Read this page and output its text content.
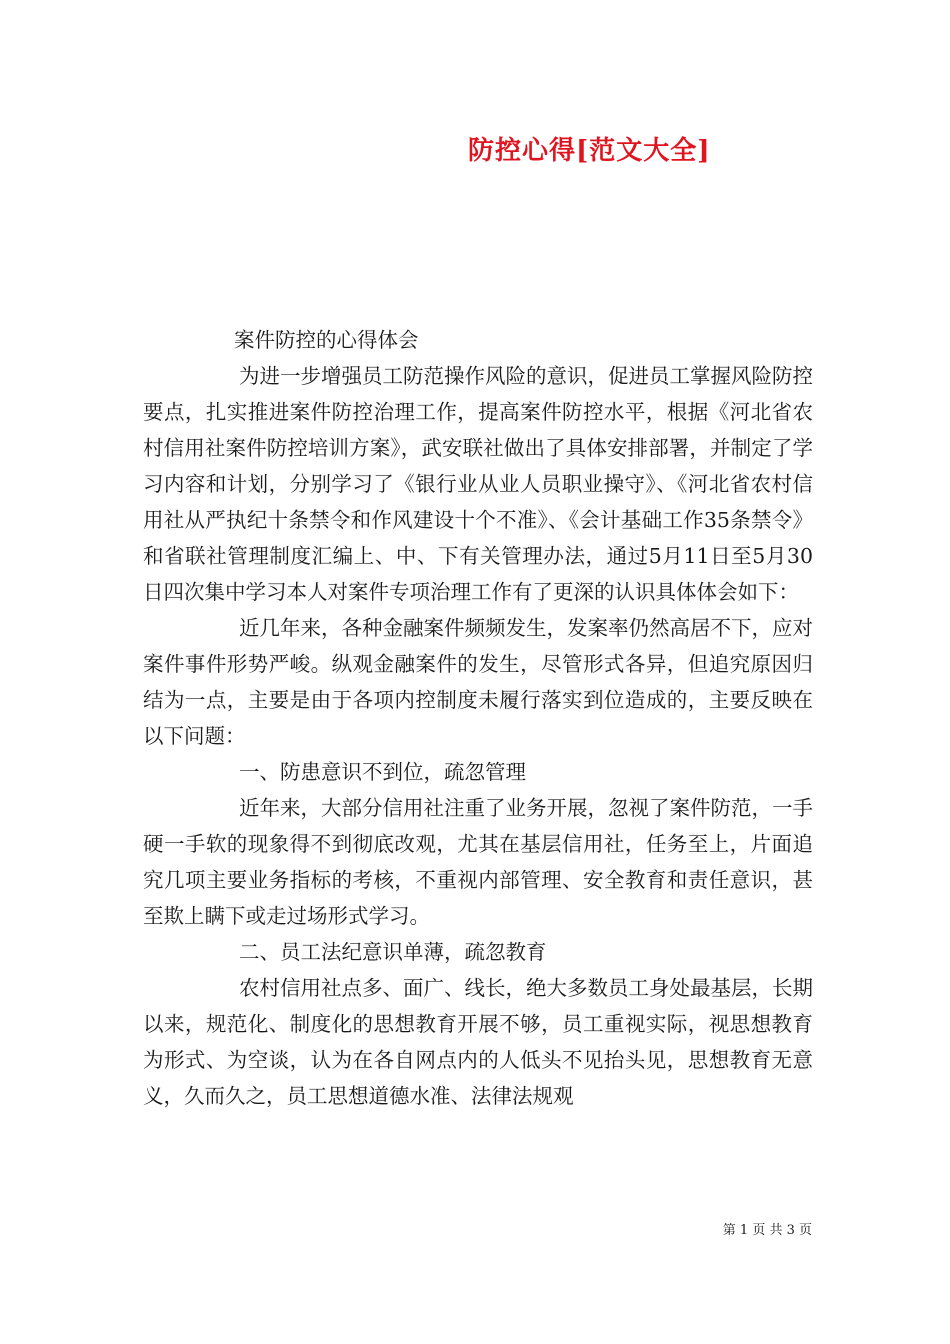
防控心得[范文大全]
案件防控的心得体会

为进一步增强员工防范操作风险的意识，促进员工掌握风险防控要点，扎实推进案件防控治理工作，提高案件防控水平，根据《河北省农村信用社案件防控培训方案》，武安联社做出了具体安排部署，并制定了学习内容和计划，分别学习了《银行业从业人员职业操守》、《河北省农村信用社从严执纪十条禁令和作风建设十个不准》、《会计基础工作35条禁令》和省联社管理制度汇编上、中、下有关管理办法，通过5月11日至5月30日四次集中学习本人对案件专项治理工作有了更深的认识具体体会如下：

近几年来，各种金融案件频频发生，发案率仍然高居不下，应对案件事件形势严峻。纵观金融案件的发生，尽管形式各异，但追究原因归结为一点，主要是由于各项内控制度未履行落实到位造成的，主要反映在以下问题：

一、防患意识不到位，疏忽管理

近年来，大部分信用社注重了业务开展，忽视了案件防范，一手硬一手软的现象得不到彻底改观，尤其在基层信用社，任务至上，片面追究几项主要业务指标的考核，不重视内部管理、安全教育和责任意识，甚至欺上瞒下或走过场形式学习。

二、员工法纪意识单薄，疏忽教育

农村信用社点多、面广、线长，绝大多数员工身处最基层，长期以来，规范化、制度化的思想教育开展不够，员工重视实际，视思想教育为形式、为空谈，认为在各自网点内的人低头不见抬头见，思想教育无意义，久而久之，员工思想道德水准、法律法规观

第 1 页 共 3 页
